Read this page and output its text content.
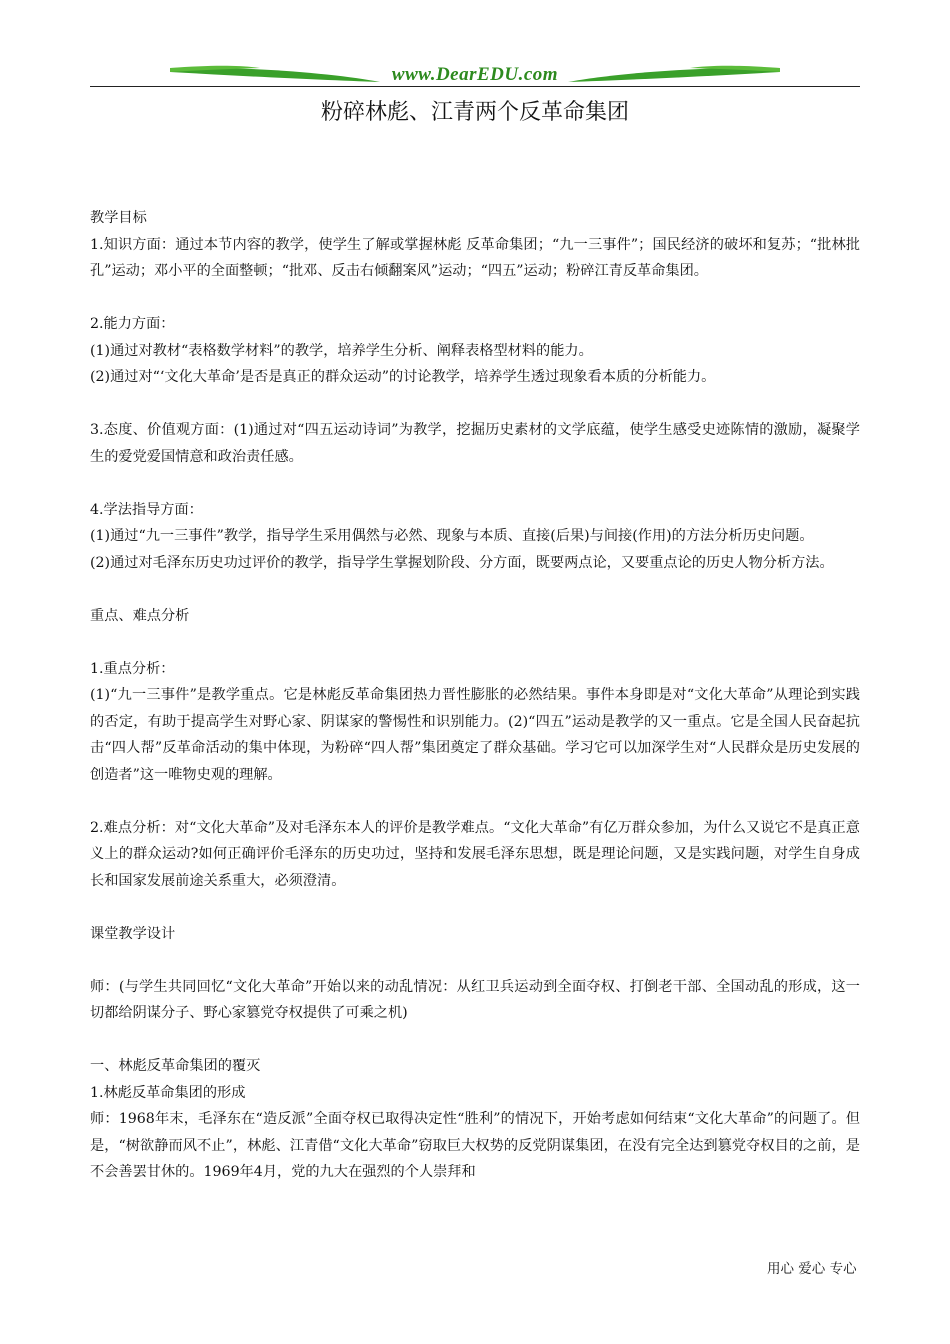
www.DearEDU.com
粉碎林彪、江青两个反革命集团

教学目标

1.知识方面：通过本节内容的教学，使学生了解或掌握林彪 反革命集团；“九一三事件”；国民经济的破坏和复苏；“批林批孔”运动；邓小平的全面整顿；“批邓、反击右倾翻案风”运动；“四五”运动；粉碎江青反革命集团。

2.能力方面：

(1)通过对教材“表格数学材料”的教学，培养学生分析、阐释表格型材料的能力。

(2)通过对“‘文化大革命’是否是真正的群众运动”的讨论教学，培养学生透过现象看本质的分析能力。

3.态度、价值观方面：(1)通过对“四五运动诗词”为教学，挖掘历史素材的文学底蕴，使学生感受史迹陈情的激励，凝聚学生的爱党爱国情意和政治责任感。

4.学法指导方面：

(1)通过“九一三事件”教学，指导学生采用偶然与必然、现象与本质、直接(后果)与间接(作用)的方法分析历史问题。

(2)通过对毛泽东历史功过评价的教学，指导学生掌握划阶段、分方面，既要两点论，又要重点论的历史人物分析方法。

重点、难点分析

1.重点分析：

(1)“九一三事件”是教学重点。它是林彪反革命集团热力晋性膨胀的必然结果。事件本身即是对“文化大革命”从理论到实践的否定，有助于提高学生对野心家、阴谋家的警惕性和识别能力。(2)“四五”运动是教学的又一重点。它是全国人民奋起抗击“四人帮”反革命活动的集中体现，为粉碎“四人帮”集团奠定了群众基础。学习它可以加深学生对“人民群众是历史发展的创造者”这一唯物史观的理解。

2.难点分析：对“文化大革命”及对毛泽东本人的评价是教学难点。“文化大革命”有亿万群众参加，为什么又说它不是真正意义上的群众运动?如何正确评价毛泽东的历史功过，坚持和发展毛泽东思想，既是理论问题，又是实践问题，对学生自身成长和国家发展前途关系重大，必须澄清。

课堂教学设计

师：(与学生共同回忆“文化大革命”开始以来的动乱情况：从红卫兵运动到全面夺权、打倒老干部、全国动乱的形成，这一切都给阴谋分子、野心家篡党夺权提供了可乘之机)

一、林彪反革命集团的覆灭

1.林彪反革命集团的形成

师：1968年末，毛泽东在“造反派”全面夺权已取得决定性“胜利”的情况下，开始考虑如何结束“文化大革命”的问题了。但是，“树欲静而风不止”，林彪、江青借“文化大革命”窃取巨大权势的反党阴谋集团，在没有完全达到篡党夺权目的之前，是不会善罢甘休的。1969年4月，党的九大在强烈的个人崇拜和

用心 爱心 专心
